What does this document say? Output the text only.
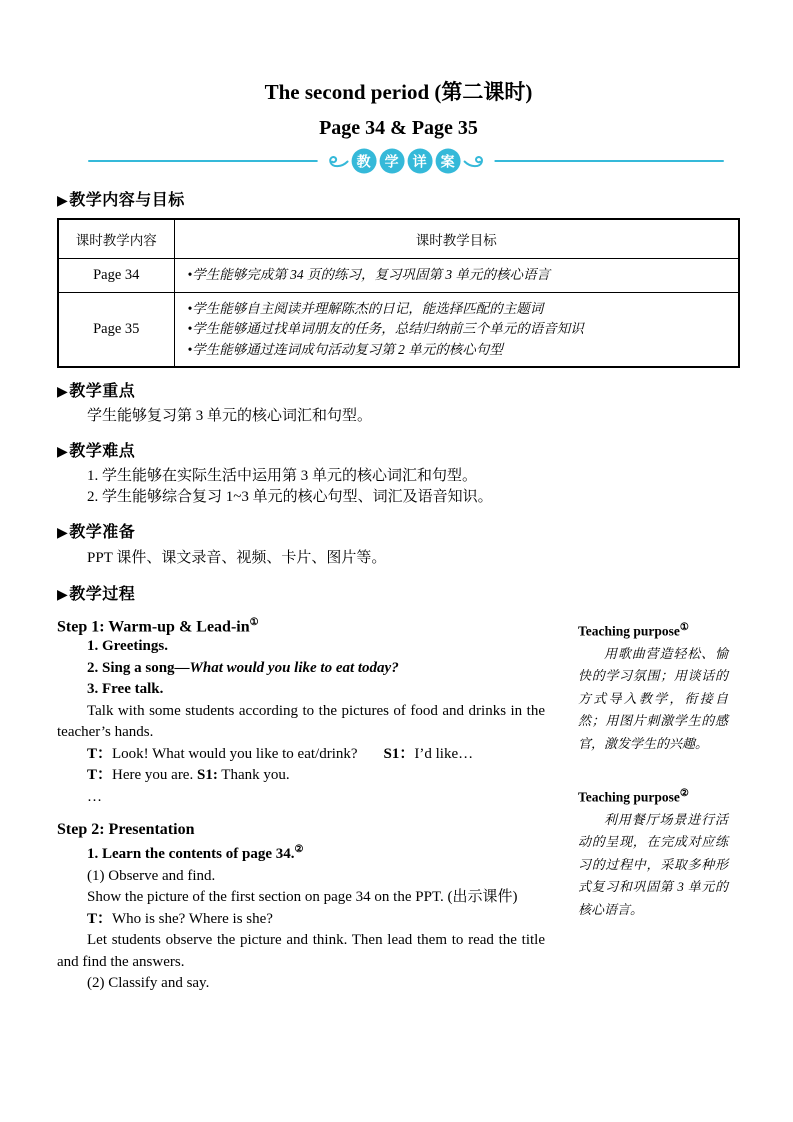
The second period (第二课时)
Page 34 & Page 35
教	学	详	案
▶教学内容与目标
课时教学内容	课时教学目标
Page 34	•学生能够完成第 34 页的练习，复习巩固第 3 单元的核心语言

Page 35	•学生能够自主阅读并理解陈杰的日记，能选择匹配的主题词
•学生能够通过找单词朋友的任务，总结归纳前三个单元的语音知识
•学生能够通过连词成句活动复习第 2 单元的核心句型
▶教学重点

学生能够复习第 3 单元的核心词汇和句型。

▶教学难点

1. 学生能够在实际生活中运用第 3 单元的核心词汇和句型。

2. 学生能够综合复习 1~3 单元的核心句型、词汇及语音知识。

▶教学准备

PPT 课件、课文录音、视频、卡片、图片等。

▶教学过程
Step 1: Warm-up & Lead-in①

1. Greetings.

2. Sing a song—What would you like to eat today?

3. Free talk.

Talk with some students according to the pictures of food and drinks in the teacher’s hands.

T：Look! What would you like to eat/drink? S1：I’d like…

T：Here you are. S1: Thank you.

…

Step 2: Presentation

1. Learn the contents of page 34.②

(1) Observe and find.

Show the picture of the first section on page 34 on the PPT. (出示课件)

T：Who is she? Where is she?

Let students observe the picture and think. Then lead them to read the title and find the answers.

(2) Classify and say.

Teaching purpose①
用歌曲营造轻松、愉快的学习氛围；用谈话的方式导入教学，衔接自然；用图片刺激学生的感官，激发学生的兴趣。
Teaching purpose②
利用餐厅场景进行活动的呈现，在完成对应练习的过程中，采取多种形式复习和巩固第 3 单元的核心语言。
